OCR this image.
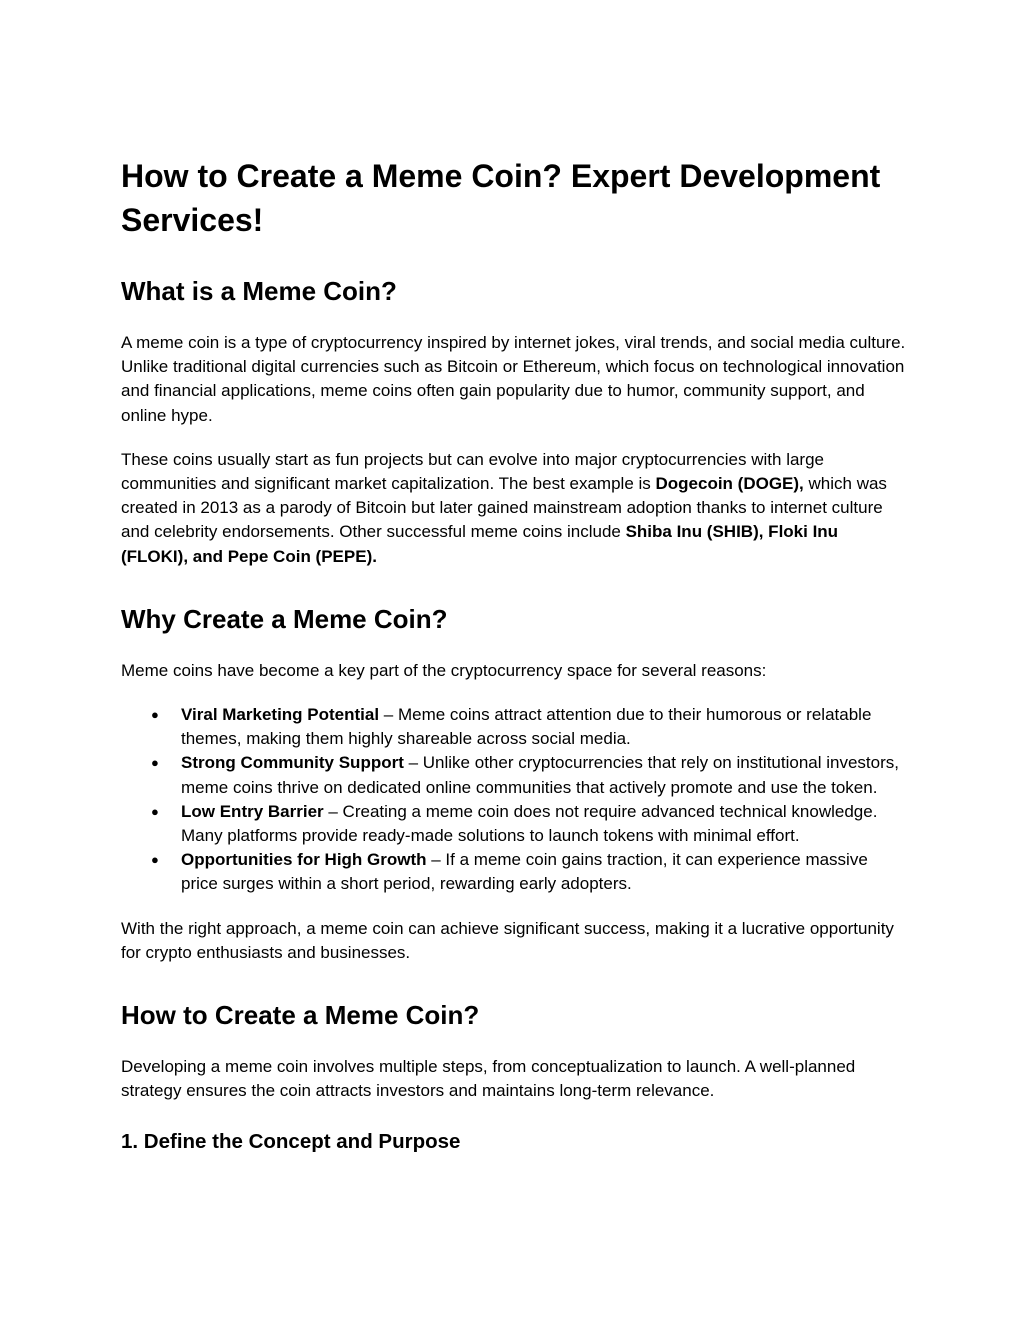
How to Create a Meme Coin? Expert Development Services!
What is a Meme Coin?

A meme coin is a type of cryptocurrency inspired by internet jokes, viral trends, and social media culture. Unlike traditional digital currencies such as Bitcoin or Ethereum, which focus on technological innovation and financial applications, meme coins often gain popularity due to humor, community support, and online hype.

These coins usually start as fun projects but can evolve into major cryptocurrencies with large communities and significant market capitalization. The best example is Dogecoin (DOGE), which was created in 2013 as a parody of Bitcoin but later gained mainstream adoption thanks to internet culture and celebrity endorsements. Other successful meme coins include Shiba Inu (SHIB), Floki Inu (FLOKI), and Pepe Coin (PEPE).

Why Create a Meme Coin?

Meme coins have become a key part of the cryptocurrency space for several reasons:

● Viral Marketing Potential – Meme coins attract attention due to their humorous or relatable themes, making them highly shareable across social media.
● Strong Community Support – Unlike other cryptocurrencies that rely on institutional investors, meme coins thrive on dedicated online communities that actively promote and use the token.
● Low Entry Barrier – Creating a meme coin does not require advanced technical knowledge. Many platforms provide ready-made solutions to launch tokens with minimal effort.
● Opportunities for High Growth – If a meme coin gains traction, it can experience massive price surges within a short period, rewarding early adopters.

With the right approach, a meme coin can achieve significant success, making it a lucrative opportunity for crypto enthusiasts and businesses.

How to Create a Meme Coin?

Developing a meme coin involves multiple steps, from conceptualization to launch. A well-planned strategy ensures the coin attracts investors and maintains long-term relevance.

1. Define the Concept and Purpose
